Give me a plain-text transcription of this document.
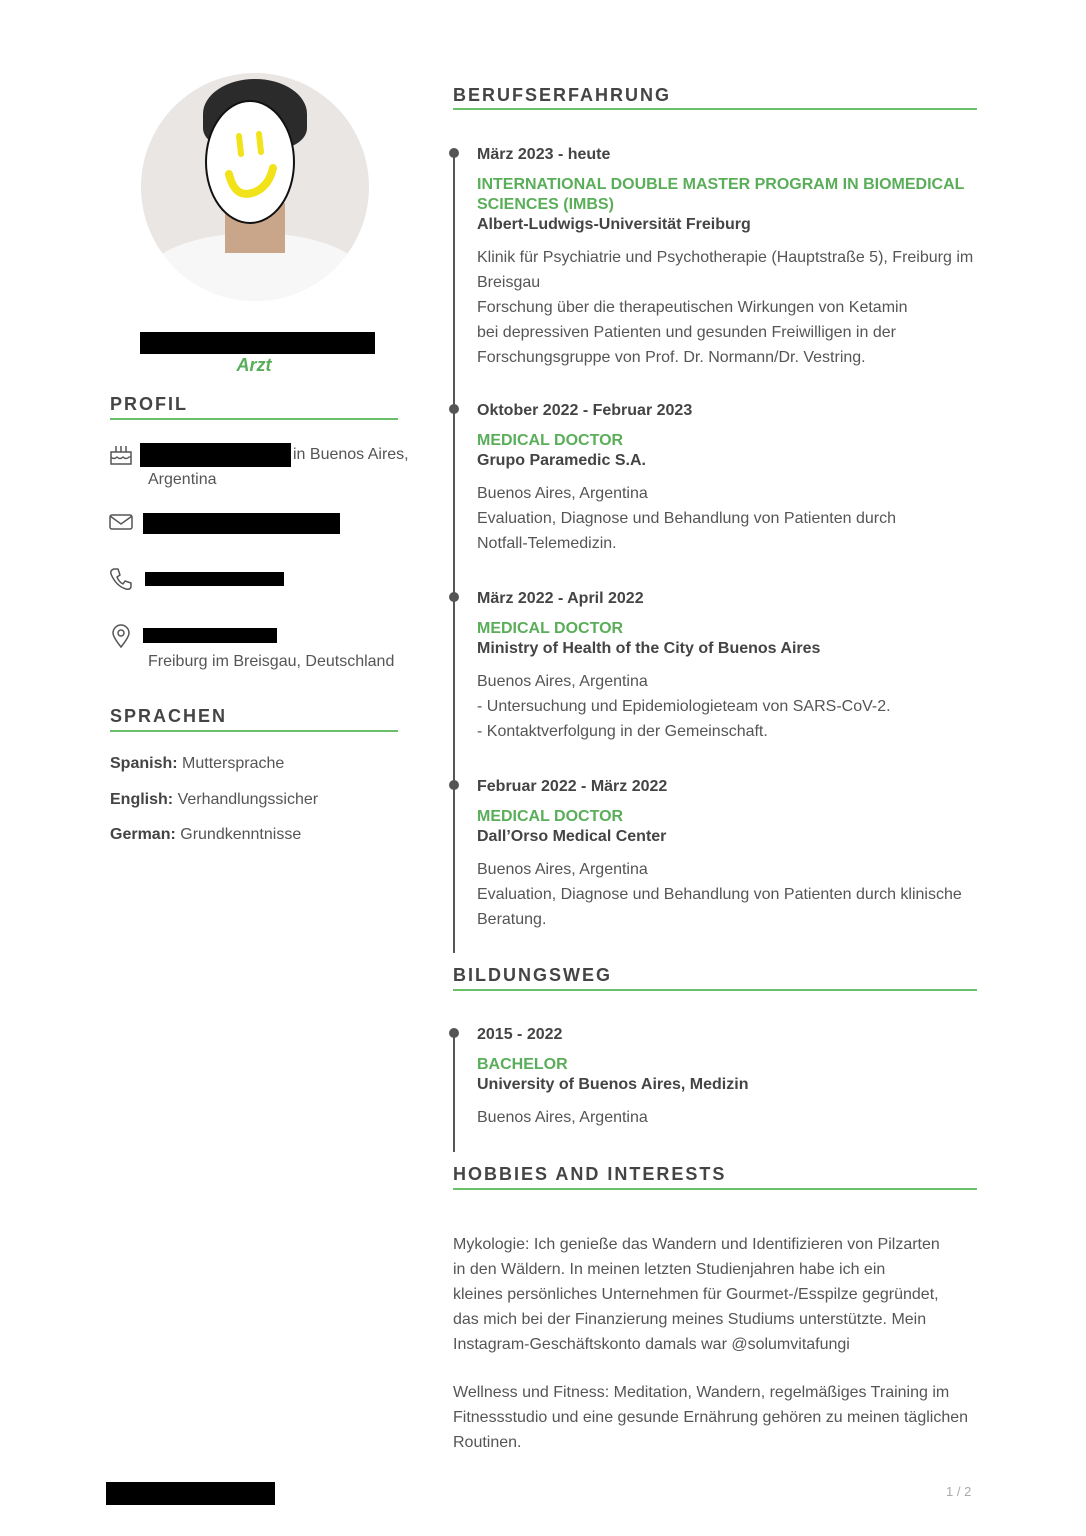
Arzt
PROFIL
in Buenos Aires,
Argentina
Freiburg im Breisgau, Deutschland
SPRACHEN
Spanish: Muttersprache
English: Verhandlungssicher
German: Grundkenntnisse
BERUFSERFAHRUNG

März 2023 - heute

INTERNATIONAL DOUBLE MASTER PROGRAM IN BIOMEDICAL SCIENCES (IMBS)

Albert-Ludwigs-Universität Freiburg

Klinik für Psychiatrie und Psychotherapie (Hauptstraße 5), Freiburg im Breisgau
Forschung über die therapeutischen Wirkungen von Ketamin
bei depressiven Patienten und gesunden Freiwilligen in der
Forschungsgruppe von Prof. Dr. Normann/Dr. Vestring.

Oktober 2022 - Februar 2023

MEDICAL DOCTOR

Grupo Paramedic S.A.

Buenos Aires, Argentina
Evaluation, Diagnose und Behandlung von Patienten durch
Notfall-Telemedizin.

März 2022 - April 2022

MEDICAL DOCTOR

Ministry of Health of the City of Buenos Aires

Buenos Aires, Argentina
- Untersuchung und Epidemiologieteam von SARS-CoV-2.
- Kontaktverfolgung in der Gemeinschaft.

Februar 2022 - März 2022

MEDICAL DOCTOR

Dall’Orso Medical Center

Buenos Aires, Argentina
Evaluation, Diagnose und Behandlung von Patienten durch klinische Beratung.

BILDUNGSWEG

2015 - 2022

BACHELOR

University of Buenos Aires, Medizin

Buenos Aires, Argentina

HOBBIES AND INTERESTS

Mykologie: Ich genieße das Wandern und Identifizieren von Pilzarten
in den Wäldern. In meinen letzten Studienjahren habe ich ein
kleines persönliches Unternehmen für Gourmet-/Esspilze gegründet,
das mich bei der Finanzierung meines Studiums unterstützte. Mein
Instagram-Geschäftskonto damals war @solumvitafungi

Wellness und Fitness: Meditation, Wandern, regelmäßiges Training im
Fitnessstudio und eine gesunde Ernährung gehören zu meinen täglichen
Routinen.

1 / 2
